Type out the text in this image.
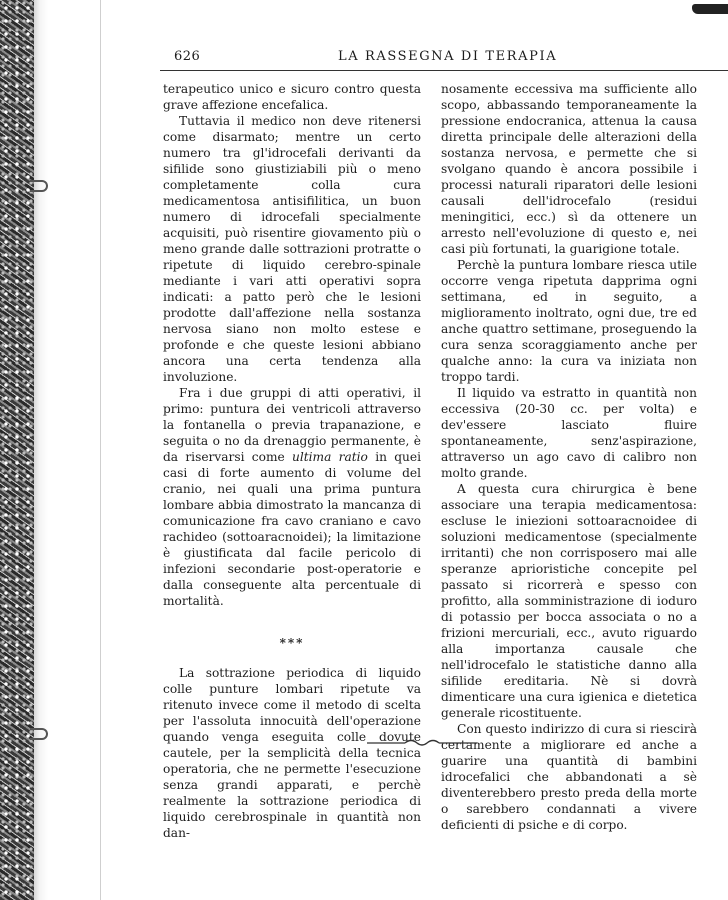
626	LA RASSEGNA DI TERAPIA

terapeutico unico e sicuro contro questa grave affezione encefalica.

Tuttavia il medico non deve ritenersi come disarmato; mentre un certo numero tra gl'idrocefali derivanti da sifilide sono giustiziabili più o meno completamente colla cura medicamentosa antisifilitica, un buon numero di idrocefali specialmente acquisiti, può risentire giovamento più o meno grande dalle sottrazioni protratte o ripetute di liquido cerebro-spinale mediante i vari atti operativi sopra indicati: a patto però che le lesioni prodotte dall'affezione nella sostanza nervosa siano non molto estese e profonde e che queste lesioni abbiano ancora una certa tendenza alla involuzione.

Fra i due gruppi di atti operativi, il primo: puntura dei ventricoli attraverso la fontanella o previa trapanazione, e seguita o no da drenaggio permanente, è da riservarsi come ultima ratio in quei casi di forte aumento di volume del cranio, nei quali una prima puntura lombare abbia dimostrato la mancanza di comunicazione fra cavo craniano e cavo rachideo (sottoaracnoidei); la limitazione è giustificata dal facile pericolo di infezioni secondarie post-operatorie e dalla conseguente alta percentuale di mortalità.

***

La sottrazione periodica di liquido colle punture lombari ripetute va ritenuto invece come il metodo di scelta per l'assoluta innocuità dell'operazione quando venga eseguita colle dovute cautele, per la semplicità della tecnica operatoria, che ne permette l'esecuzione senza grandi apparati, e perchè realmente la sottrazione periodica di liquido cerebrospinale in quantità non dan-

nosamente eccessiva ma sufficiente allo scopo, abbassando temporaneamente la pressione endocranica, attenua la causa diretta principale delle alterazioni della sostanza nervosa, e permette che si svolgano quando è ancora possibile i processi naturali riparatori delle lesioni causali dell'idrocefalo (residui meningitici, ecc.) sì da ottenere un arresto nell'evoluzione di questo e, nei casi più fortunati, la guarigione totale.

Perchè la puntura lombare riesca utile occorre venga ripetuta dapprima ogni settimana, ed in seguito, a miglioramento inoltrato, ogni due, tre ed anche quattro settimane, proseguendo la cura senza scoraggiamento anche per qualche anno: la cura va iniziata non troppo tardi.

Il liquido va estratto in quantità non eccessiva (20-30 cc. per volta) e dev'essere lasciato fluire spontaneamente, senz'aspirazione, attraverso un ago cavo di calibro non molto grande.

A questa cura chirurgica è bene associare una terapia medicamentosa: escluse le iniezioni sottoaracnoidee di soluzioni medicamentose (specialmente irritanti) che non corrisposero mai alle speranze aprioristiche concepite pel passato si ricorrerà e spesso con profitto, alla somministrazione di ioduro di potassio per bocca associata o no a frizioni mercuriali, ecc., avuto riguardo alla importanza causale che nell'idrocefalo le statistiche danno alla sifilide ereditaria. Nè si dovrà dimenticare una cura igienica e dietetica generale ricostituente.

Con questo indirizzo di cura si riescirà certamente a migliorare ed anche a guarire una quantità di bambini idrocefalici che abbandonati a sè diventerebbero presto preda della morte o sarebbero condannati a vivere deficienti di psiche e di corpo.
